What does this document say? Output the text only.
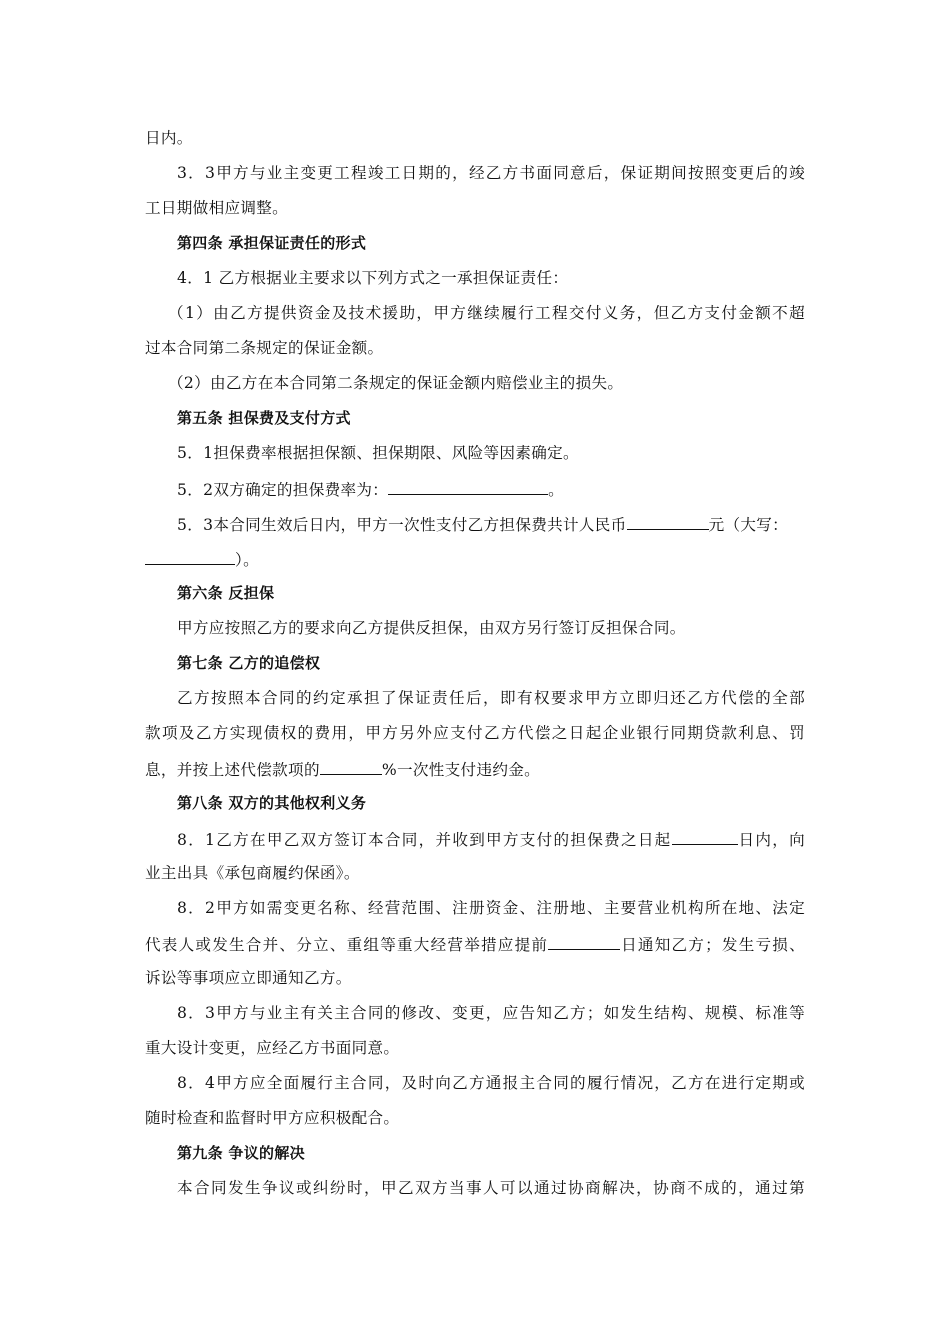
日内。
3．3甲方与业主变更工程竣工日期的，经乙方书面同意后，保证期间按照变更后的竣
工日期做相应调整。
第四条 承担保证责任的形式
4．1 乙方根据业主要求以下列方式之一承担保证责任：
（1）由乙方提供资金及技术援助，甲方继续履行工程交付义务，但乙方支付金额不超
过本合同第二条规定的保证金额。
（2）由乙方在本合同第二条规定的保证金额内赔偿业主的损失。
第五条 担保费及支付方式
5．1担保费率根据担保额、担保期限、风险等因素确定。
5．2双方确定的担保费率为：	。
5．3本合同生效后日内，甲方一次性支付乙方担保费共计人民币	元（大写：
）。
第六条 反担保
甲方应按照乙方的要求向乙方提供反担保，由双方另行签订反担保合同。
第七条 乙方的追偿权
乙方按照本合同的约定承担了保证责任后，即有权要求甲方立即归还乙方代偿的全部
款项及乙方实现债权的费用，甲方另外应支付乙方代偿之日起企业银行同期贷款利息、罚
息，并按上述代偿款项的	%一次性支付违约金。
第八条 双方的其他权利义务
8．1乙方在甲乙双方签订本合同，并收到甲方支付的担保费之日起	日内，向
业主出具《承包商履约保函》。
8．2甲方如需变更名称、经营范围、注册资金、注册地、主要营业机构所在地、法定
代表人或发生合并、分立、重组等重大经营举措应提前	日通知乙方；发生亏损、
诉讼等事项应立即通知乙方。
8．3甲方与业主有关主合同的修改、变更，应告知乙方；如发生结构、规模、标准等
重大设计变更，应经乙方书面同意。
8．4甲方应全面履行主合同，及时向乙方通报主合同的履行情况，乙方在进行定期或
随时检查和监督时甲方应积极配合。
第九条 争议的解决
本合同发生争议或纠纷时，甲乙双方当事人可以通过协商解决，协商不成的，通过第
